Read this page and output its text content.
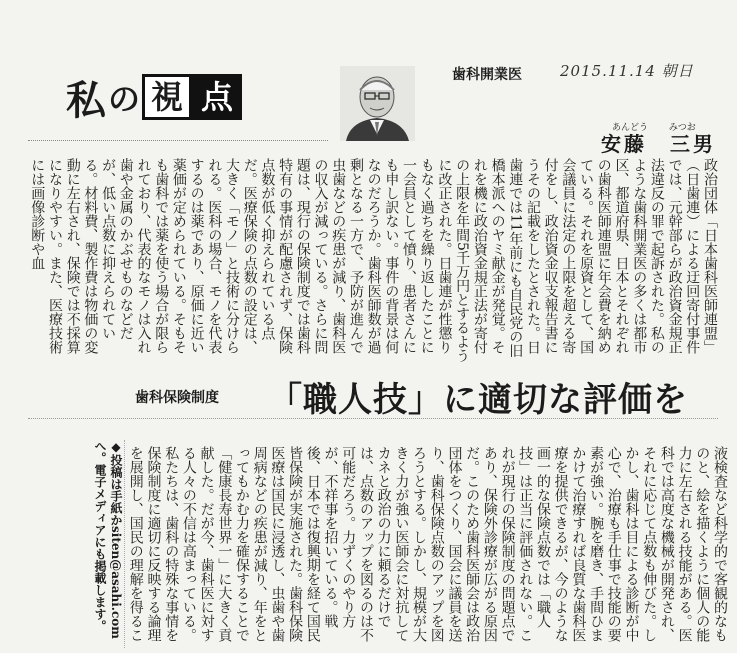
私 の 視 点
歯科開業医	2015.11.14 朝日
あんどう みつお
安藤　三男
政治団体「日本歯科医師連盟」（日歯連）による迂回寄付事件では、元幹部らが政治資金規正法違反の罪で起訴された。私のような歯科開業医の多くは都市区、都道府県、日本とそれぞれの歯科医師連盟に年会費を納めている。それを原資として、国会議員に法定の上限を超える寄付をし、政治資金収支報告書にうその記載をしたとされた。日歯連では11年前にも自民党の旧橋本派へのヤミ献金が発覚。それを機に政治資金規正法が寄付の上限を年間5千万円とするように改正された。日歯連が性懲りもなく過ちを繰り返したことに一会員として憤り、患者さんにも申し訳ない。事件の背景は何なのだろうか。歯科医師数が過剰となる一方で、予防が進んで虫歯などの疾患が減り、歯科医の収入が減っている。さらに問題は、現行の保険制度では歯科特有の事情が配慮されず、保険点数が低く抑えられている点だ。医療保険の点数の設定は、大きく「モノ」と技術に分けられる。医科の場合、モノを代表するのは薬であり、原価に近い薬価が定められている。そもそも歯科では薬を使う場合が限られており、代表的なモノは入れ歯や金属のかぶせものなどだが、低い点数に抑えられている。材料費、製作費は物価の変動に左右され、保険では不採算になりやすい。また、医療技術には画像診断や血
歯科保険制度 「職人技」に適切な評価を
◆投稿は手紙かsiten@asahi.comへ。電子メディアにも掲載します。	液検査など科学的で客観的なものと、絵を描くように個人の能力に左右される技能がある。医科では高度な機械が開発され、それに応じて点数も伸びた。しかし、歯科は目による診断が中心で、治療も手仕事で技能の要素が強い。腕を磨き、手間ひまかけて治療すれば良質な歯科医療を提供できるが、今のような画一的な保険点数では「職人技」は正当に評価されない。これが現行の保険制度の問題点であり、保険外診療が広がる原因だ。このため歯科医師会は政治団体をつくり、国会に議員を送り、歯科保険点数のアップを図ろうとする。しかし、規模が大きく力が強い医師会に対抗してカネと政治の力に頼るだけでは、点数のアップを図るのは不可能だろう。力ずくのやり方が、不祥事を招いている。戦後、日本では復興期を経て国民皆保険が実施された。歯科保険医療は国民に浸透し、虫歯や歯周病などの疾患が減り、年をとってもかむ力を確保することで「健康長寿世界一」に大きく貢献した。だが今、歯科医に対する人々の不信は高まっている。私たちは、歯科の特殊な事情を保険制度に適切に反映する論理を展開し、国民の理解を得るこ
